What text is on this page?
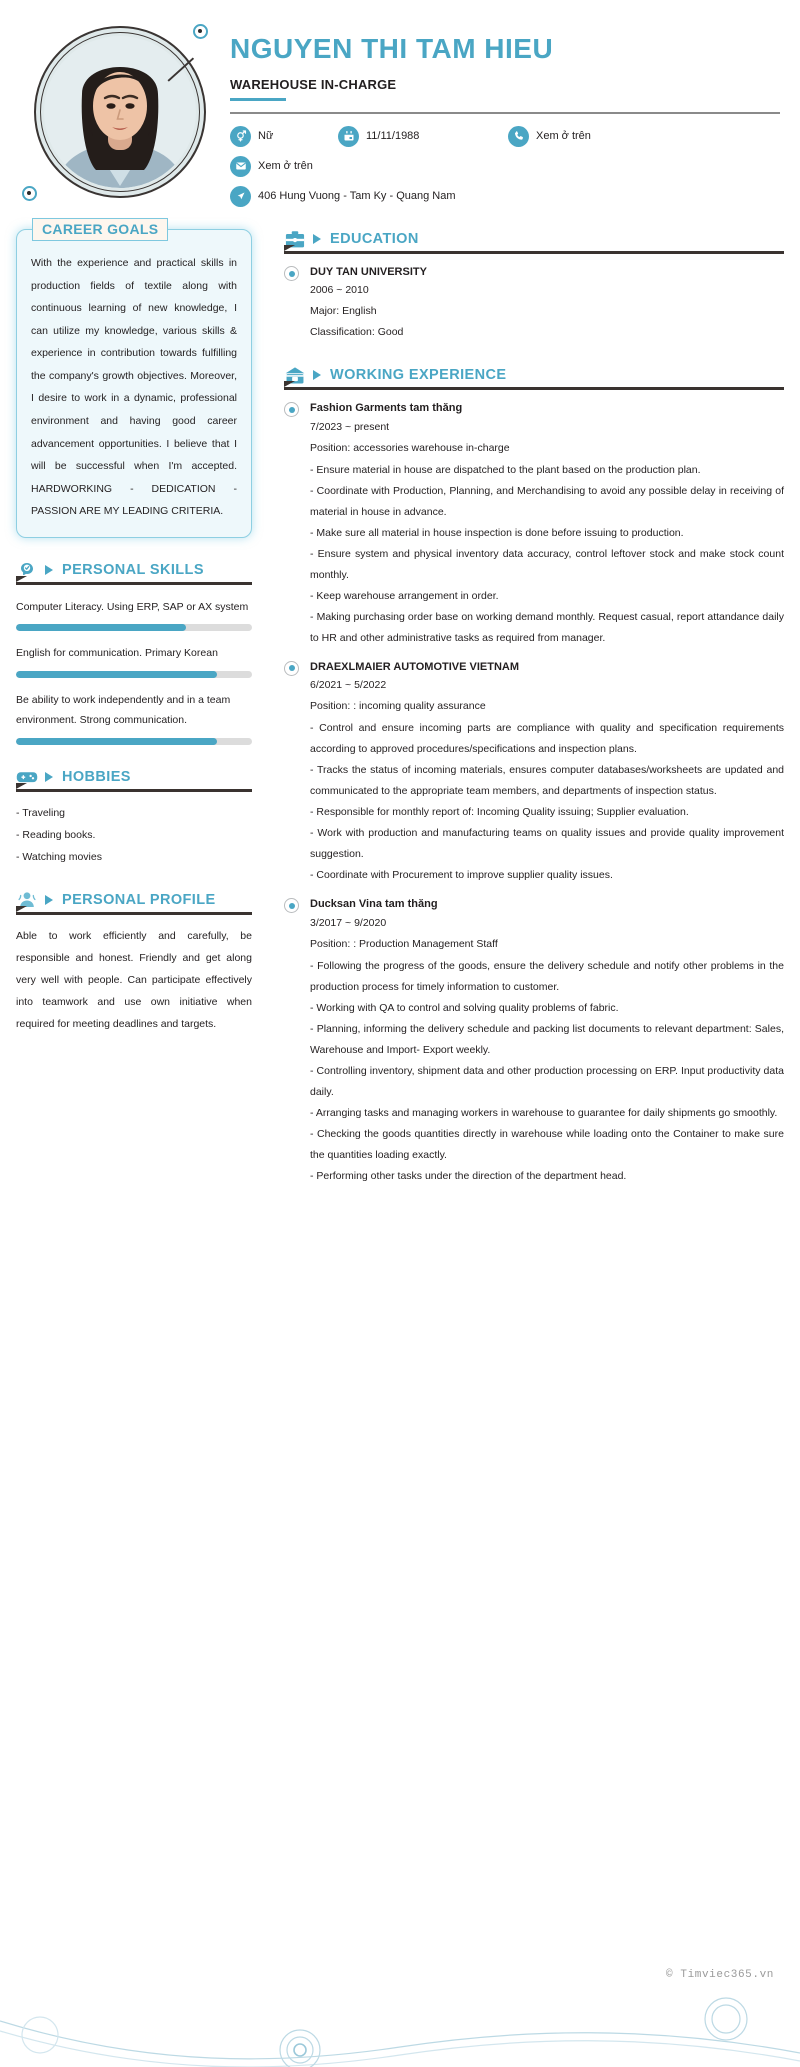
NGUYEN THI TAM HIEU
WAREHOUSE IN-CHARGE
Nữ	11/11/1988	Xem ở trên
Xem ở trên
406 Hung Vuong - Tam Ky - Quang Nam
CAREER GOALS
With the experience and practical skills in production fields of textile along with continuous learning of new knowledge, I can utilize my knowledge, various skills & experience in contribution towards fulfilling the company's growth objectives. Moreover, I desire to work in a dynamic, professional environment and having good career advancement opportunities. I believe that I will be successful when I'm accepted. HARDWORKING - DEDICATION - PASSION ARE MY LEADING CRITERIA.
PERSONAL SKILLS
Computer Literacy. Using ERP, SAP or AX system
English for communication. Primary Korean
Be ability to work independently and in a team environment. Strong communication.
HOBBIES
- Traveling
- Reading books.
- Watching movies
PERSONAL PROFILE
Able to work efficiently and carefully, be responsible and honest. Friendly and get along very well with people. Can participate effectively into teamwork and use own initiative when required for meeting deadlines and targets.
EDUCATION
DUY TAN UNIVERSITY
2006 ~ 2010
Major: English
Classification: Good
WORKING EXPERIENCE
Fashion Garments tam thăng
7/2023 ~ present
Position: accessories warehouse in-charge
- Ensure material in house are dispatched to the plant based on the production plan.
- Coordinate with Production, Planning, and Merchandising to avoid any possible delay in receiving of material in house in advance.
- Make sure all material in house inspection is done before issuing to production.
- Ensure system and physical inventory data accuracy, control leftover stock and make stock count monthly.
- Keep warehouse arrangement in order.
- Making purchasing order base on working demand monthly. Request casual, report attandance daily to HR and other administrative tasks as required from manager.
DRAEXLMAIER AUTOMOTIVE VIETNAM
6/2021 ~ 5/2022
Position: : incoming quality assurance
- Control and ensure incoming parts are compliance with quality and specification requirements according to approved procedures/specifications and inspection plans.
- Tracks the status of incoming materials, ensures computer databases/worksheets are updated and communicated to the appropriate team members, and departments of inspection status.
- Responsible for monthly report of: Incoming Quality issuing; Supplier evaluation.
- Work with production and manufacturing teams on quality issues and provide quality improvement suggestion.
- Coordinate with Procurement to improve supplier quality issues.
Ducksan Vina tam thăng
3/2017 ~ 9/2020
Position: : Production Management Staff
- Following the progress of the goods, ensure the delivery schedule and notify other problems in the production process for timely information to customer.
- Working with QA to control and solving quality problems of fabric.
- Planning, informing the delivery schedule and packing list documents to relevant department: Sales, Warehouse and Import- Export weekly.
- Controlling inventory, shipment data and other production processing on ERP. Input productivity data daily.
- Arranging tasks and managing workers in warehouse to guarantee for daily shipments go smoothly.
- Checking the goods quantities directly in warehouse while loading onto the Container to make sure the quantities loading exactly.
- Performing other tasks under the direction of the department head.
© Timviec365.vn
